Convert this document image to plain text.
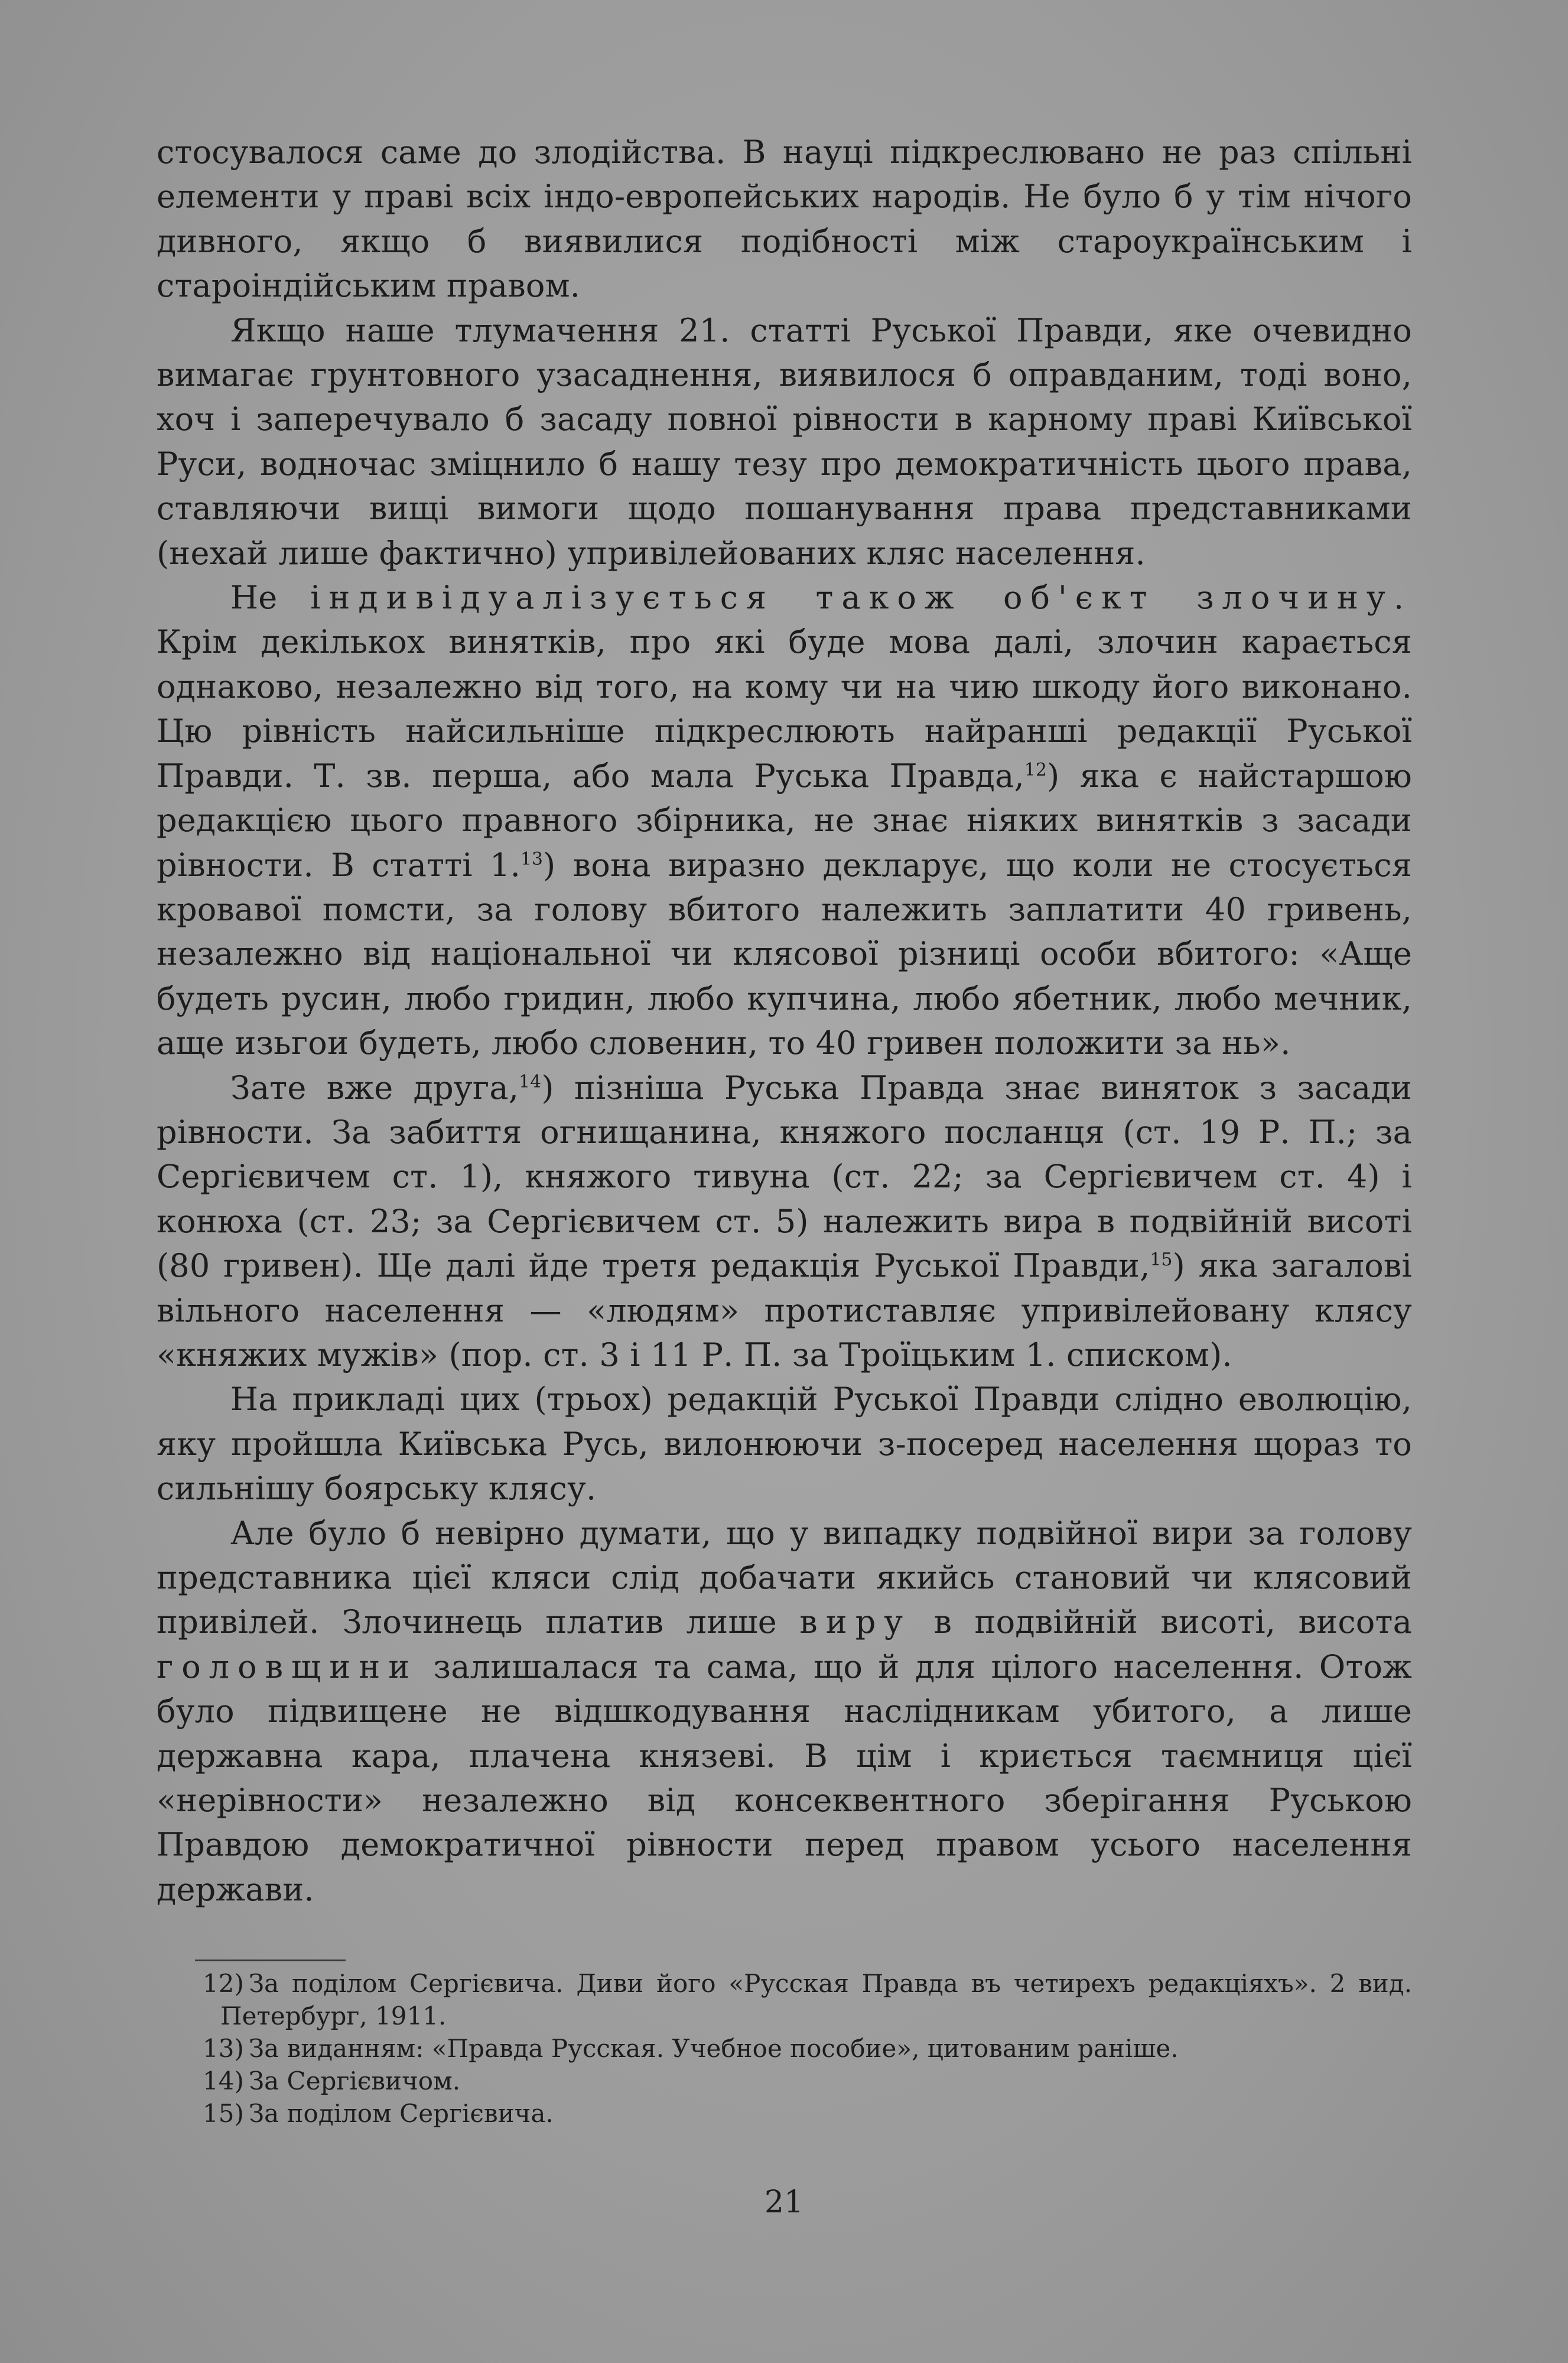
стосувалося саме до злодійства. В науці підкреслювано не раз спільні елементи у праві всіх індо-европейських народів. Не було б у тім нічого дивного, якщо б виявилися подібності між староукраїнським і староіндійським правом.

Якщо наше тлумачення 21. статті Руської Правди, яке очевидно вимагає грунтовного узасаднення, виявилося б оправданим, тоді воно, хоч і заперечувало б засаду повної рівности в карному праві Київської Руси, водночас зміцнило б нашу тезу про демократичність цього права, ставляючи вищі вимоги щодо пошанування права представниками (нехай лише фактично) упривілейованих кляс населення.

Не індивідуалізується також об'єкт злочину. Крім декількох винятків, про які буде мова далі, злочин карається однаково, незалежно від того, на кому чи на чию шкоду його виконано. Цю рівність найсильніше підкреслюють найранші редакції Руської Правди. Т. зв. перша, або мала Руська Правда,$^{12}$) яка є найстаршою редакцією цього правного збірника, не знає ніяких винятків з засади рівности. В статті 1.13) вона виразно декларує, що коли не стосується кровавої помсти, за голову вбитого належить заплатити 40 гривень, незалежно від національної чи клясової різниці особи вбитого: «Аще будеть русин, любо гридин, любо купчина, любо ябетник, любо мечник, аще изьгои будеть, любо словенин, то 40 гривен положити за нь».

Зате вже друга,$^{14}$) пізніша Руська Правда знає виняток з засади рівности. За забиття огнищанина, княжого посланця (ст. 19 Р. П.; за Сергієвичем ст. 1), княжого тивуна (ст. 22; за Сергієвичем ст. 4) і конюха (ст. 23; за Сергієвичем ст. 5) належить вира в подвійній висоті (80 гривен). Ще далі йде третя редакція Руської Правди,$^{15}$) яка загалові вільного населення — «людям» протиставляє упривілейовану клясу «княжих мужів» (пор. ст. 3 і 11 Р. П. за Троїцьким 1. списком).

На прикладі цих (трьох) редакцій Руської Правди слідно еволюцію, яку пройшла Київська Русь, вилонюючи з-посеред населення щораз то сильнішу боярську клясу.

Але було б невірно думати, що у випадку подвійної вири за голову представника цієї кляси слід добачати якийсь становий чи клясовий привілей. Злочинець платив лише виру в подвійній висоті, висота головщини залишалася та сама, що й для цілого населення. Отож було підвищене не відшкодування наслідникам убитого, а лише державна кара, плачена князеві. В цім і криється таємниця цієї «нерівности» незалежно від консеквентного зберігання Руською Правдою демократичної рівности перед правом усього населення держави.

12) За поділом Сергієвича. Диви його «Русская Правда въ четирехъ редакціяхъ». 2 вид. Петербург, 1911.

13) За виданням: «Правда Русская. Учебное пособие», цитованим раніше.

14) За Сергієвичом.

15) За поділом Сергієвича.

21
